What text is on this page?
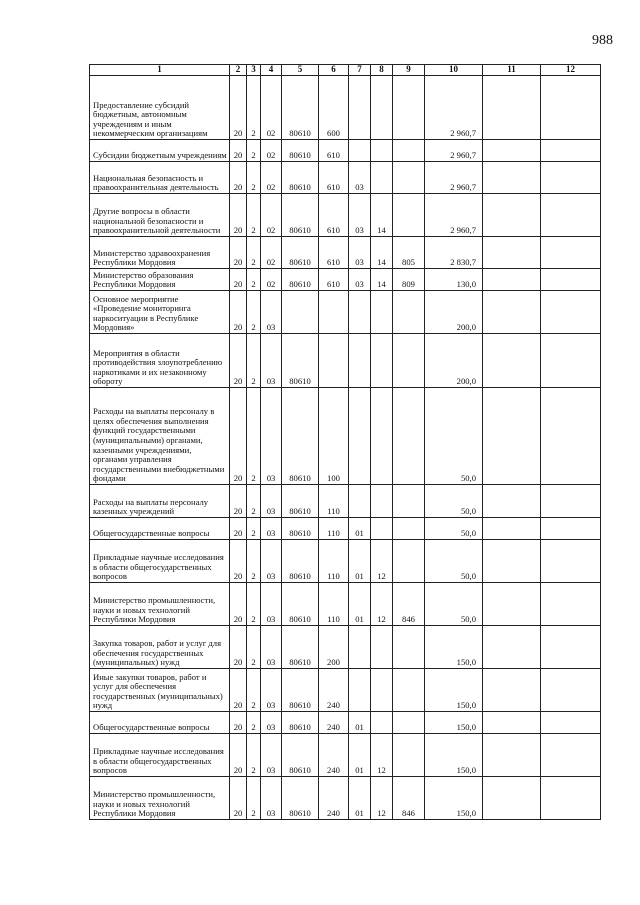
988
1	2	3	4	5	6	7	8	9	10	11	12
Предоставление субсидий бюджетным, автономным учреждениям и иным некоммерческим организациям	20	2	02	80610	600				2 960,7		
Субсидии бюджетным учреждениям	20	2	02	80610	610				2 960,7		
Национальная безопасность и правоохранительная деятельность	20	2	02	80610	610	03			2 960,7		
Другие вопросы в области национальной безопасности и правоохранительной деятельности	20	2	02	80610	610	03	14		2 960,7		
Министерство здравоохранения Республики Мордовия	20	2	02	80610	610	03	14	805	2 830,7		
Министерство образования Республики Мордовия	20	2	02	80610	610	03	14	809	130,0		
Основное мероприятие «Проведение мониторинга наркоситуации в Республике Мордовия»	20	2	03						200,0		
Мероприятия в области противодействия злоупотреблению наркотиками и их незаконному обороту	20	2	03	80610					200,0		
Расходы на выплаты персоналу в целях обеспечения выполнения функций государственными (муниципальными) органами, казенными учреждениями, органами управления государственными внебюджетными фондами	20	2	03	80610	100				50,0		
Расходы на выплаты персоналу казенных учреждений	20	2	03	80610	110				50,0		
Общегосударственные вопросы	20	2	03	80610	110	01			50,0		
Прикладные научные исследования в области общегосударственных вопросов	20	2	03	80610	110	01	12		50,0		
Министерство промышленности, науки и новых технологий Республики Мордовия	20	2	03	80610	110	01	12	846	50,0		
Закупка товаров, работ и услуг для обеспечения государственных (муниципальных) нужд	20	2	03	80610	200				150,0		
Иные закупки товаров, работ и услуг для обеспечения государственных (муниципальных) нужд	20	2	03	80610	240				150,0		
Общегосударственные вопросы	20	2	03	80610	240	01			150,0		
Прикладные научные исследования в области общегосударственных вопросов	20	2	03	80610	240	01	12		150,0		
Министерство промышленности, науки и новых технологий Республики Мордовия	20	2	03	80610	240	01	12	846	150,0		
